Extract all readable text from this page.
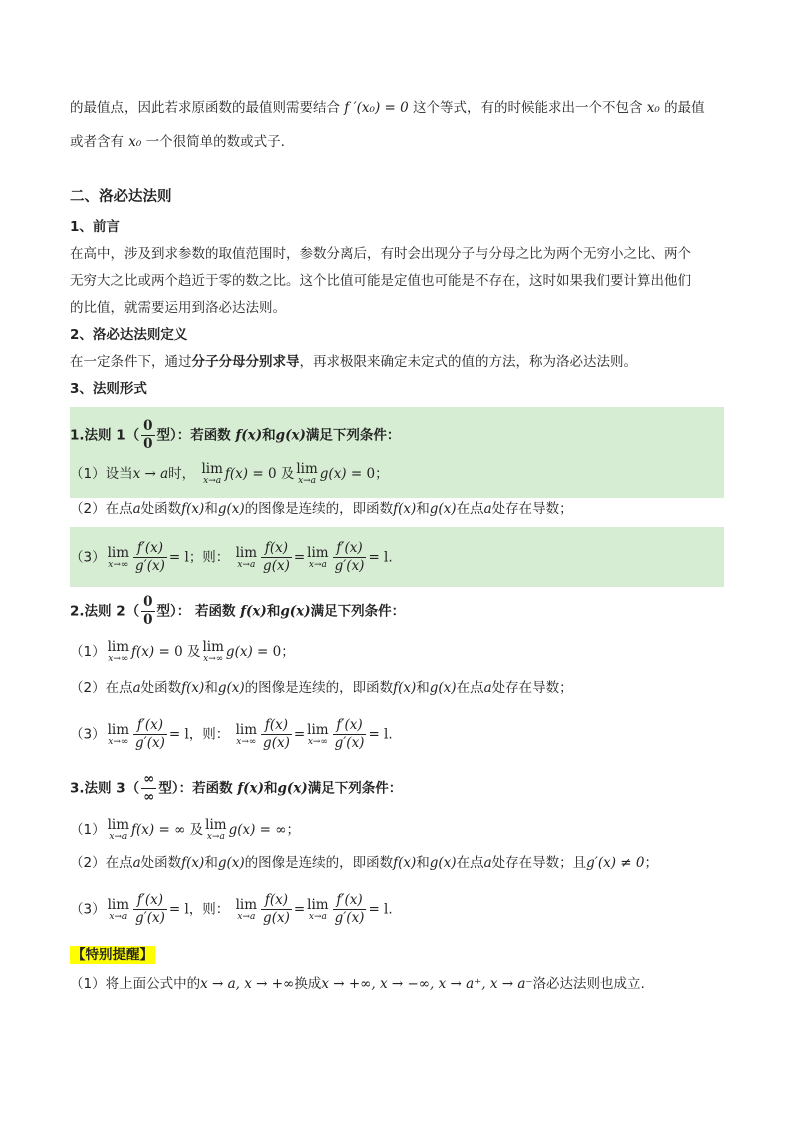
的最值点，因此若求原函数的最值则需要结合 f ′(x₀) = 0 这个等式，有的时候能求出一个不包含 x₀ 的最值
或者含有 x₀ 一个很简单的数或式子.
二、洛必达法则
1、前言
在高中，涉及到求参数的取值范围时，参数分离后，有时会出现分子与分母之比为两个无穷小之比、两个
无穷大之比或两个趋近于零的数之比。这个比值可能是定值也可能是不存在，这时如果我们要计算出他们
的比值，就需要运用到洛必达法则。
2、洛必达法则定义
在一定条件下，通过分子分母分别求导，再求极限来确定未定式的值的方法，称为洛必达法则。
3、法则形式
1.法则 $1( \frac{0}{0}$ 型）：若函数 f(x)和g(x)满足下列条件：
（1）设当x → a时， lim
x→a f(x) = 0 及 lim
x→a g(x) = 0；
（2）在点a处函数f(x)和g(x)的图像是连续的，即函数f(x)和g(x)在点a处存在导数；
（3） lim
$x\to\infty \frac{f'(x)}{g'(x)} = l$；则： lim
$x\to a \frac{f(x)}{g(x)} = \lim$
$x\to a \frac{f'(x)}{g'(x)} = l$.
2.法则 $2( \frac{0}{0}$ 型）： 若函数 f(x)和g(x)满足下列条件：
（1） lim
x→∞ f(x) = 0 及 lim
x→∞ g(x) = 0；
（2）在点a处函数f(x)和g(x)的图像是连续的，即函数f(x)和g(x)在点a处存在导数；
（3） lim
$x\to\infty \frac{f'(x)}{g'(x)} = l$，则： lim
$x\to\infty \frac{f(x)}{g(x)} = \lim$
$x\to\infty \frac{f'(x)}{g'(x)} = l$.
3.法则 $3( \frac{\infty}{\infty}$ 型）：若函数 f(x)和g(x)满足下列条件：
（1） lim
x→a f(x) = ∞ 及 lim
x→a g(x) = ∞；
（2）在点a处函数f(x)和g(x)的图像是连续的，即函数f(x)和g(x)在点a处存在导数；且g′(x) ≠ 0；
（3） lim
$x\to a \frac{f'(x)}{g'(x)} = l$，则： lim
$x\to a \frac{f(x)}{g(x)} = \lim$
$x\to a \frac{f'(x)}{g'(x)} = l$.
【特别提醒】
（1）将上面公式中的x → a, x → +∞换成x → +∞, x → −∞, x → a⁺, x → a⁻洛必达法则也成立.
